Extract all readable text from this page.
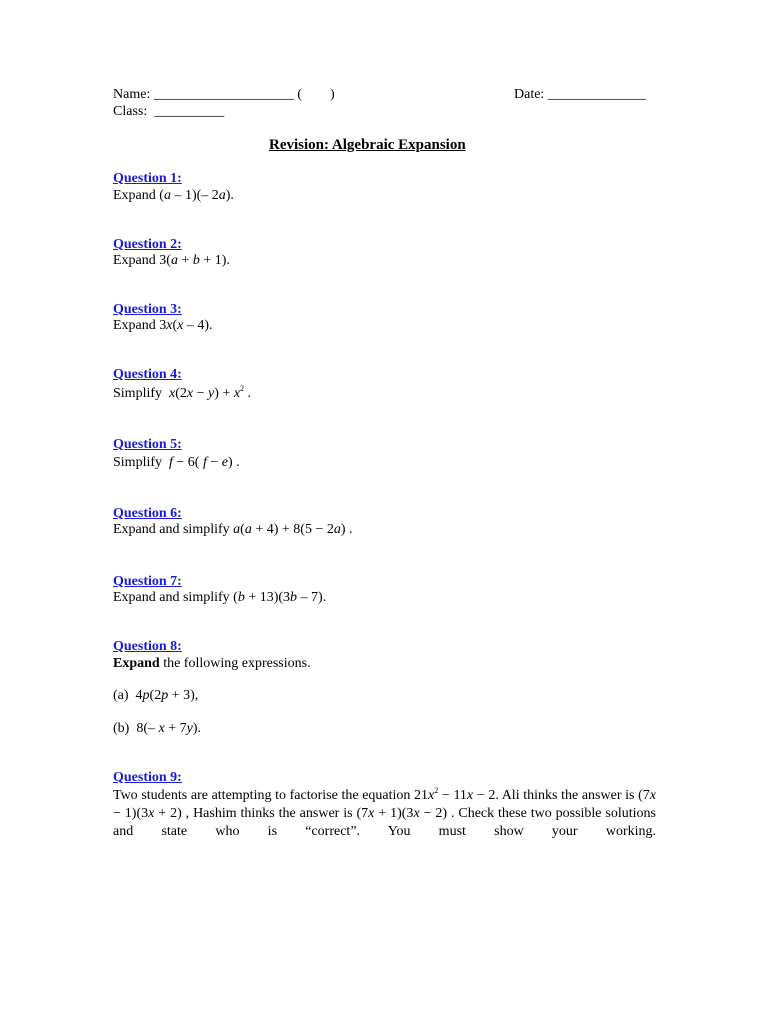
Name: ____________________ ( )	Date: ______________
Class: __________
Revision: Algebraic Expansion
Question 1:
Expand (a – 1)(– 2a).
Question 2:
Expand 3(a + b + 1).
Question 3:
Expand 3x(x – 4).
Question 4:
Simplify  $x(2x - y) + x^2$ .
Question 5:
Simplify  f − 6( f − e) .
Question 6:
Expand and simplify a(a + 4) + 8(5 − 2a) .
Question 7:
Expand and simplify (b + 13)(3b – 7).
Question 8:
Expand the following expressions.
(a)  4p(2p + 3),
(b)  8(– x + 7y).
Question 9:
Two students are attempting to factorise the equation $21x^2 - 11x - 2$. Ali thinks the answer is (7x − 1)(3x + 2) , Hashim thinks the answer is (7x + 1)(3x − 2) . Check these two possible solutions and state who is “correct”. You must show your working.
